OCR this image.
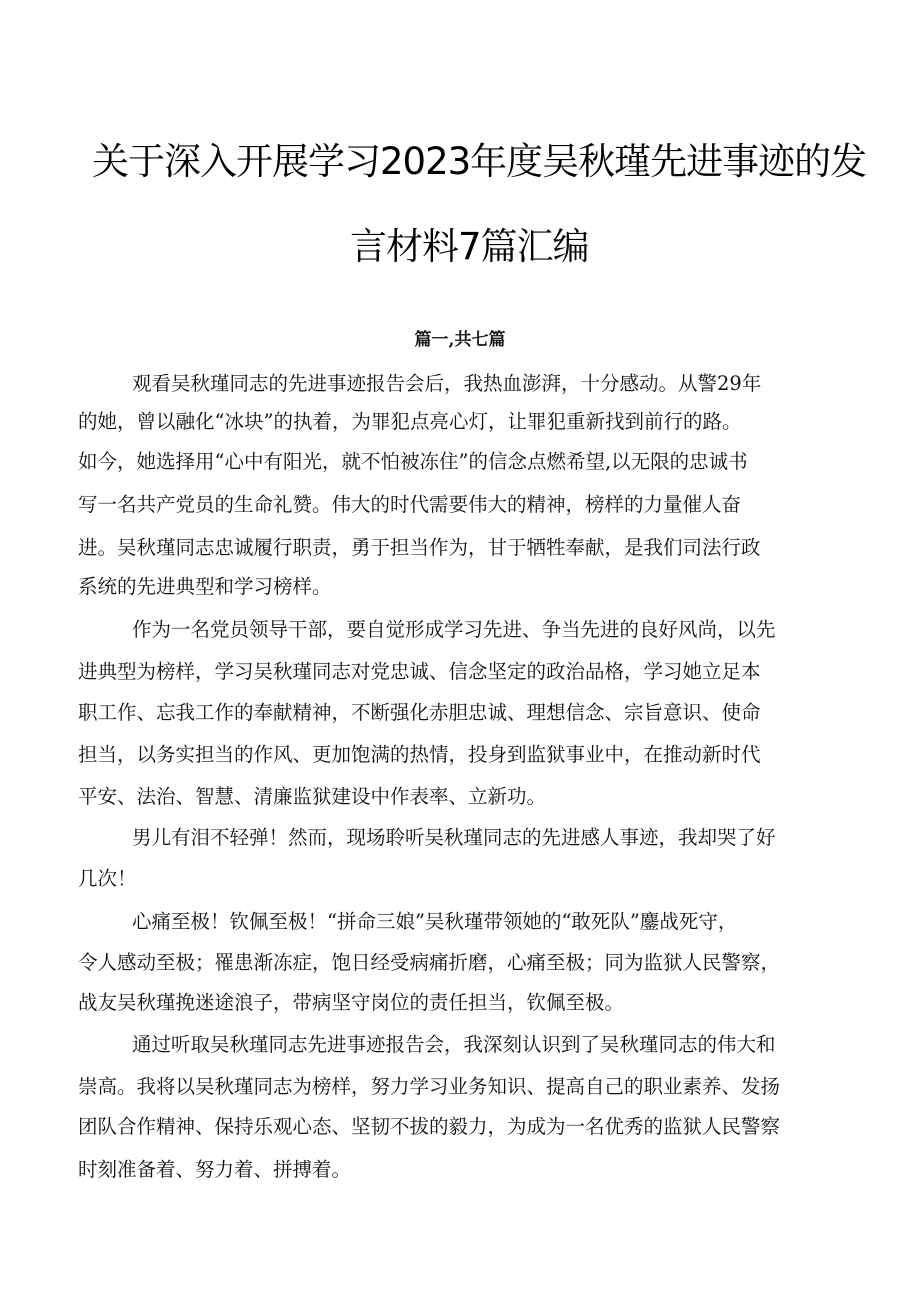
关于深入开展学习2023年度吴秋瑾先进事迹的发
言材料7篇汇编
篇一,共七篇
观看吴秋瑾同志的先进事迹报告会后，我热血澎湃，十分感动。从警29年
的她，曾以融化“冰块”的执着，为罪犯点亮心灯，让罪犯重新找到前行的路。
如今，她选择用“心中有阳光，就不怕被冻住”的信念点燃希望,以无限的忠诚书
写一名共产党员的生命礼赞。伟大的时代需要伟大的精神，榜样的力量催人奋
进。吴秋瑾同志忠诚履行职责，勇于担当作为，甘于牺牲奉献，是我们司法行政
系统的先进典型和学习榜样。
作为一名党员领导干部，要自觉形成学习先进、争当先进的良好风尚，以先
进典型为榜样，学习吴秋瑾同志对党忠诚、信念坚定的政治品格，学习她立足本
职工作、忘我工作的奉献精神，不断强化赤胆忠诚、理想信念、宗旨意识、使命
担当，以务实担当的作风、更加饱满的热情，投身到监狱事业中，在推动新时代
平安、法治、智慧、清廉监狱建设中作表率、立新功。
男儿有泪不轻弹！然而，现场聆听吴秋瑾同志的先进感人事迹，我却哭了好
几次！
心痛至极！钦佩至极！“拼命三娘”吴秋瑾带领她的“敢死队”鏖战死守，
令人感动至极；罹患渐冻症，饱日经受病痛折磨，心痛至极；同为监狱人民警察，
战友吴秋瑾挽迷途浪子，带病坚守岗位的责任担当，钦佩至极。
通过听取吴秋瑾同志先进事迹报告会，我深刻认识到了吴秋瑾同志的伟大和
崇高。我将以吴秋瑾同志为榜样，努力学习业务知识、提高自己的职业素养、发扬
团队合作精神、保持乐观心态、坚韧不拔的毅力，为成为一名优秀的监狱人民警察
时刻准备着、努力着、拼搏着。
